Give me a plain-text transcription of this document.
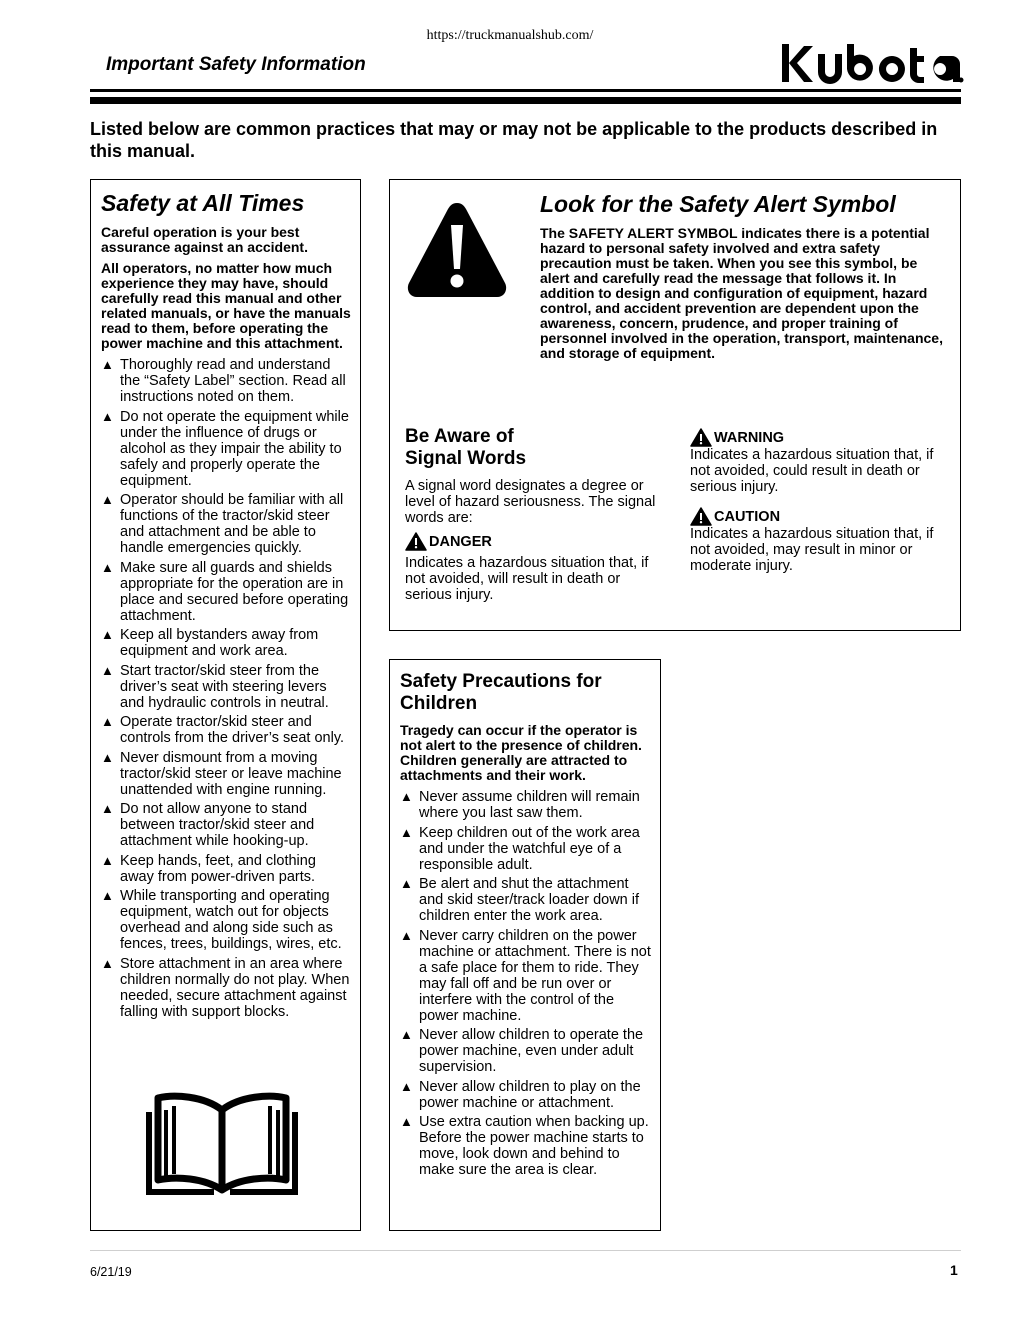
https://truckmanualshub.com/
Important Safety Information
Listed below are common practices that may or may not be applicable to the products described in this manual.
Safety at All Times

Careful operation is your best assurance against an accident.

All operators, no matter how much experience they may have, should carefully read this manual and other related manuals, or have the manuals read to them, before operating the power machine and this attachment.

▲ Thoroughly read and understand the “Safety Label” section. Read all instructions noted on them.
▲ Do not operate the equipment while under the influence of drugs or alcohol as they impair the ability to safely and properly operate the equipment.
▲ Operator should be familiar with all functions of the tractor/skid steer and attachment and be able to handle emergencies quickly.
▲ Make sure all guards and shields appropriate for the operation are in place and secured before operating attachment.
▲ Keep all bystanders away from equipment and work area.
▲ Start tractor/skid steer from the driver’s seat with steering levers and hydraulic controls in neutral.
▲ Operate tractor/skid steer and controls from the driver’s seat only.
▲ Never dismount from a moving tractor/skid steer or leave machine unattended with engine running.
▲ Do not allow anyone to stand between tractor/skid steer and attachment while hooking-up.
▲ Keep hands, feet, and clothing away from power-driven parts.
▲ While transporting and operating equipment, watch out for objects overhead and along side such as fences, trees, buildings, wires, etc.
▲ Store attachment in an area where children normally do not play. When needed, secure attachment against falling with support blocks.
Look for the Safety Alert Symbol

The SAFETY ALERT SYMBOL indicates there is a potential hazard to personal safety involved and extra safety precaution must be taken. When you see this symbol, be alert and carefully read the message that follows it. In addition to design and configuration of equipment, hazard control, and accident prevention are dependent upon the awareness, concern, prudence, and proper training of personnel involved in the operation, transport, maintenance, and storage of equipment.

Be Aware of
Signal Words

A signal word designates a degree or level of hazard seriousness. The signal words are:

DANGER

Indicates a hazardous situation that, if not avoided, will result in death or serious injury.

WARNING

Indicates a hazardous situation that, if not avoided, could result in death or serious injury.

CAUTION

Indicates a hazardous situation that, if not avoided, may result in minor or moderate injury.

Safety Precautions for Children

Tragedy can occur if the operator is not alert to the presence of children. Children generally are attracted to attachments and their work.

▲ Never assume children will remain where you last saw them.
▲ Keep children out of the work area and under the watchful eye of a responsible adult.
▲ Be alert and shut the attachment and skid steer/track loader down if children enter the work area.
▲ Never carry children on the power machine or attachment. There is not a safe place for them to ride. They may fall off and be run over or interfere with the control of the power machine.
▲ Never allow children to operate the power machine, even under adult supervision.
▲ Never allow children to play on the power machine or attachment.
▲ Use extra caution when backing up. Before the power machine starts to move, look down and behind to make sure the area is clear.
6/21/19	1
